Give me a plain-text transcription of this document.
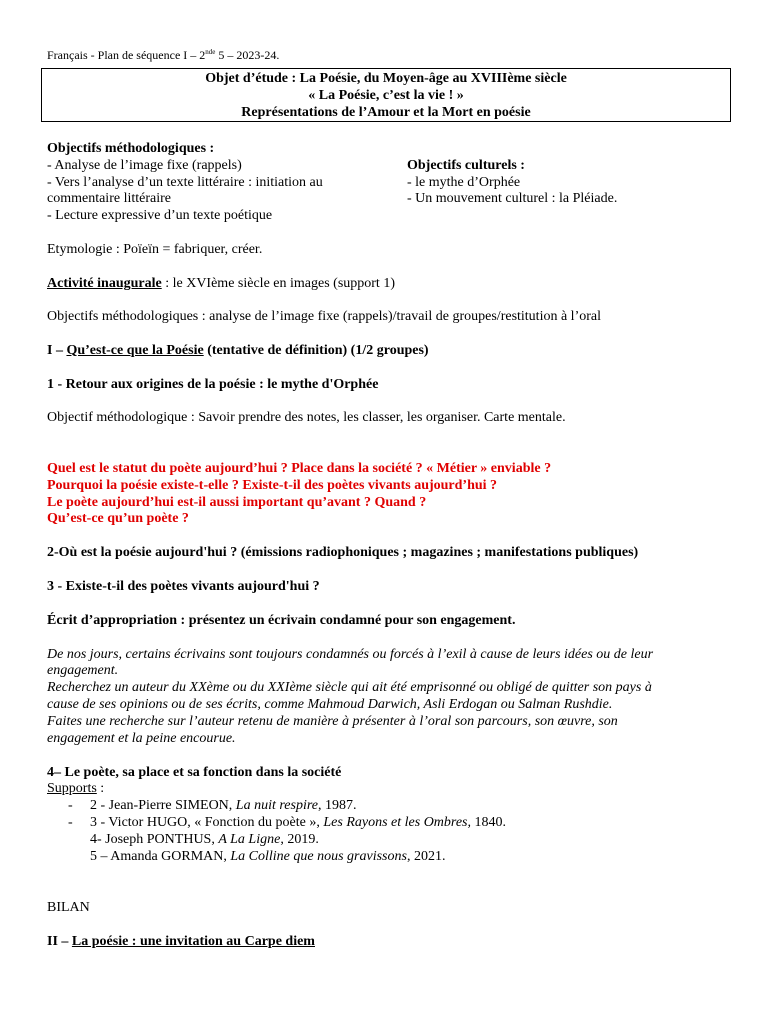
Français - Plan de séquence I – 2nde 5 – 2023-24.
Objet d’étude : La Poésie, du Moyen-âge au XVIIIème siècle
« La Poésie, c’est la vie ! »
Représentations de l’Amour et la Mort en poésie
Objectifs méthodologiques :
- Analyse de l’image fixe (rappels)
- Vers l’analyse d’un texte littéraire : initiation au
commentaire littéraire
- Lecture expressive d’un texte poétique
Objectifs culturels :
- le mythe d’Orphée
- Un mouvement culturel : la Pléiade.
Etymologie : Poïeïn = fabriquer, créer.
Activité inaugurale : le XVIème siècle en images (support 1)
Objectifs méthodologiques : analyse de l’image fixe (rappels)/travail de groupes/restitution à l’oral
I – Qu’est-ce que la Poésie (tentative de définition) (1/2 groupes)
1 - Retour aux origines de la poésie : le mythe d'Orphée
Objectif méthodologique : Savoir prendre des notes, les classer, les organiser. Carte mentale.
Quel est le statut du poète aujourd’hui ? Place dans la société ? « Métier » enviable ?
Pourquoi la poésie existe-t-elle ? Existe-t-il des poètes vivants aujourd’hui ?
Le poète aujourd’hui est-il aussi important qu’avant ? Quand ?
Qu’est-ce qu’un poète ?
2-Où est la poésie aujourd'hui ? (émissions radiophoniques ; magazines ; manifestations publiques)
3 - Existe-t-il des poètes vivants aujourd'hui ?
Écrit d’appropriation : présentez un écrivain condamné pour son engagement.
De nos jours, certains écrivains sont toujours condamnés ou forcés à l’exil à cause de leurs idées ou de leur
engagement.
Recherchez un auteur du XXème ou du XXIème siècle qui ait été emprisonné ou obligé de quitter son pays à
cause de ses opinions ou de ses écrits, comme Mahmoud Darwich, Asli Erdogan ou Salman Rushdie.
Faites une recherche sur l’auteur retenu de manière à présenter à l’oral son parcours, son œuvre, son
engagement et la peine encourue.
4– Le poète, sa place et sa fonction dans la société
Supports :
- 2 - Jean-Pierre SIMEON, La nuit respire, 1987.
- 3 - Victor HUGO, « Fonction du poète », Les Rayons et les Ombres, 1840.
4- Joseph PONTHUS, A La Ligne, 2019.
5 – Amanda GORMAN, La Colline que nous gravissons, 2021.
BILAN
II – La poésie : une invitation au Carpe diem
